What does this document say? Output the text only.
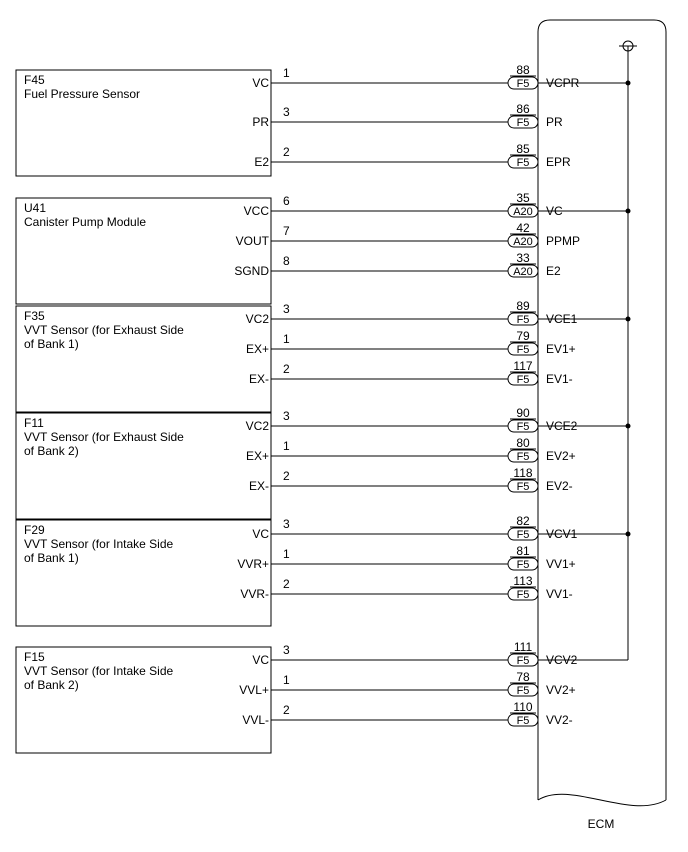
F45
Fuel Pressure Sensor
VC
1
F5
88
VCPR
PR
3
F5
86
PR
E2
2
F5
85
EPR
U41
Canister Pump Module
VCC
6
A20
35
VC
VOUT
7
A20
42
PPMP
SGND
8
A20
33
E2
F35
VVT Sensor (for Exhaust Side
of Bank 1)
VC2
3
F5
89
VCE1
EX+
1
F5
79
EV1+
EX-
2
F5
117
EV1-
F11
VVT Sensor (for Exhaust Side
of Bank 2)
VC2
3
F5
90
VCE2
EX+
1
F5
80
EV2+
EX-
2
F5
118
EV2-
F29
VVT Sensor (for Intake Side
of Bank 1)
VC
3
F5
82
VCV1
VVR+
1
F5
81
VV1+
VVR-
2
F5
113
VV1-
F15
VVT Sensor (for Intake Side
of Bank 2)
VC
3
F5
111
VCV2
VVL+
1
F5
78
VV2+
VVL-
2
F5
110
VV2-
ECM
